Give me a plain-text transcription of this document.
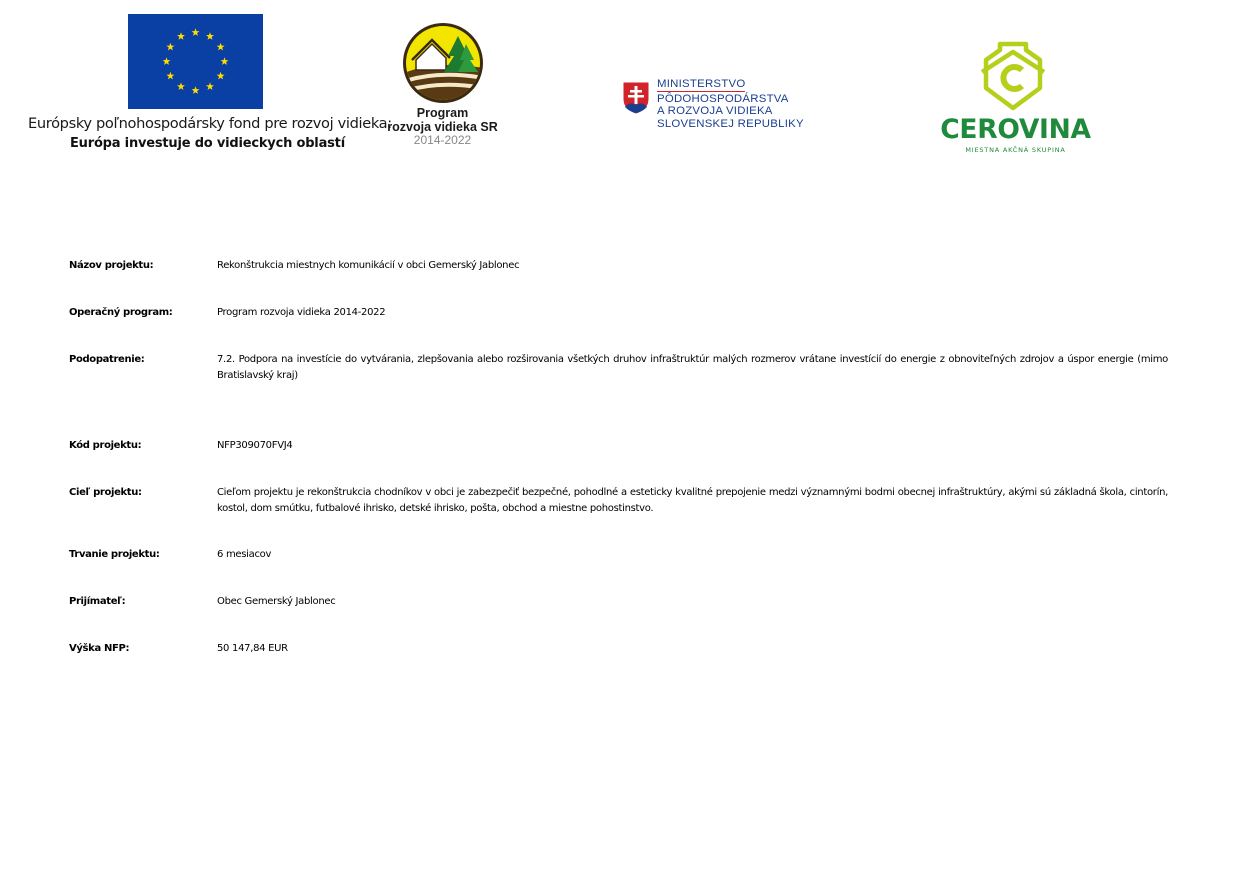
Európsky poľnohospodársky fond pre rozvoj vidieka:
Európa investuje do vidieckych oblastí
Program
rozvoja vidieka SR
2014-2022
MINISTERSTVO
PÔDOHOSPODÁRSTVA
A ROZVOJA VIDIEKA
SLOVENSKEJ REPUBLIKY	CEROVINA
MIESTNA AKČNÁ SKUPINA
Názov projektu:	Rekonštrukcia miestnych komunikácií v obci Gemerský Jablonec
Operačný program:	Program rozvoja vidieka 2014-2022
Podopatrenie:	7.2. Podpora na investície do vytvárania, zlepšovania alebo rozširovania všetkých druhov infraštruktúr malých rozmerov vrátane investícií do energie z obnoviteľných zdrojov a úspor energie (mimo Bratislavský kraj)
Kód projektu:	NFP309070FVJ4
Cieľ projektu:	Cieľom projektu je rekonštrukcia chodníkov v obci je zabezpečiť bezpečné, pohodlné a esteticky kvalitné prepojenie medzi významnými bodmi obecnej infraštruktúry, akými sú základná škola, cintorín, kostol, dom smútku, futbalové ihrisko, detské ihrisko, pošta, obchod a miestne pohostinstvo.
Trvanie projektu:	6 mesiacov
Prijímateľ:	Obec Gemerský Jablonec
Výška NFP:	50 147,84 EUR
